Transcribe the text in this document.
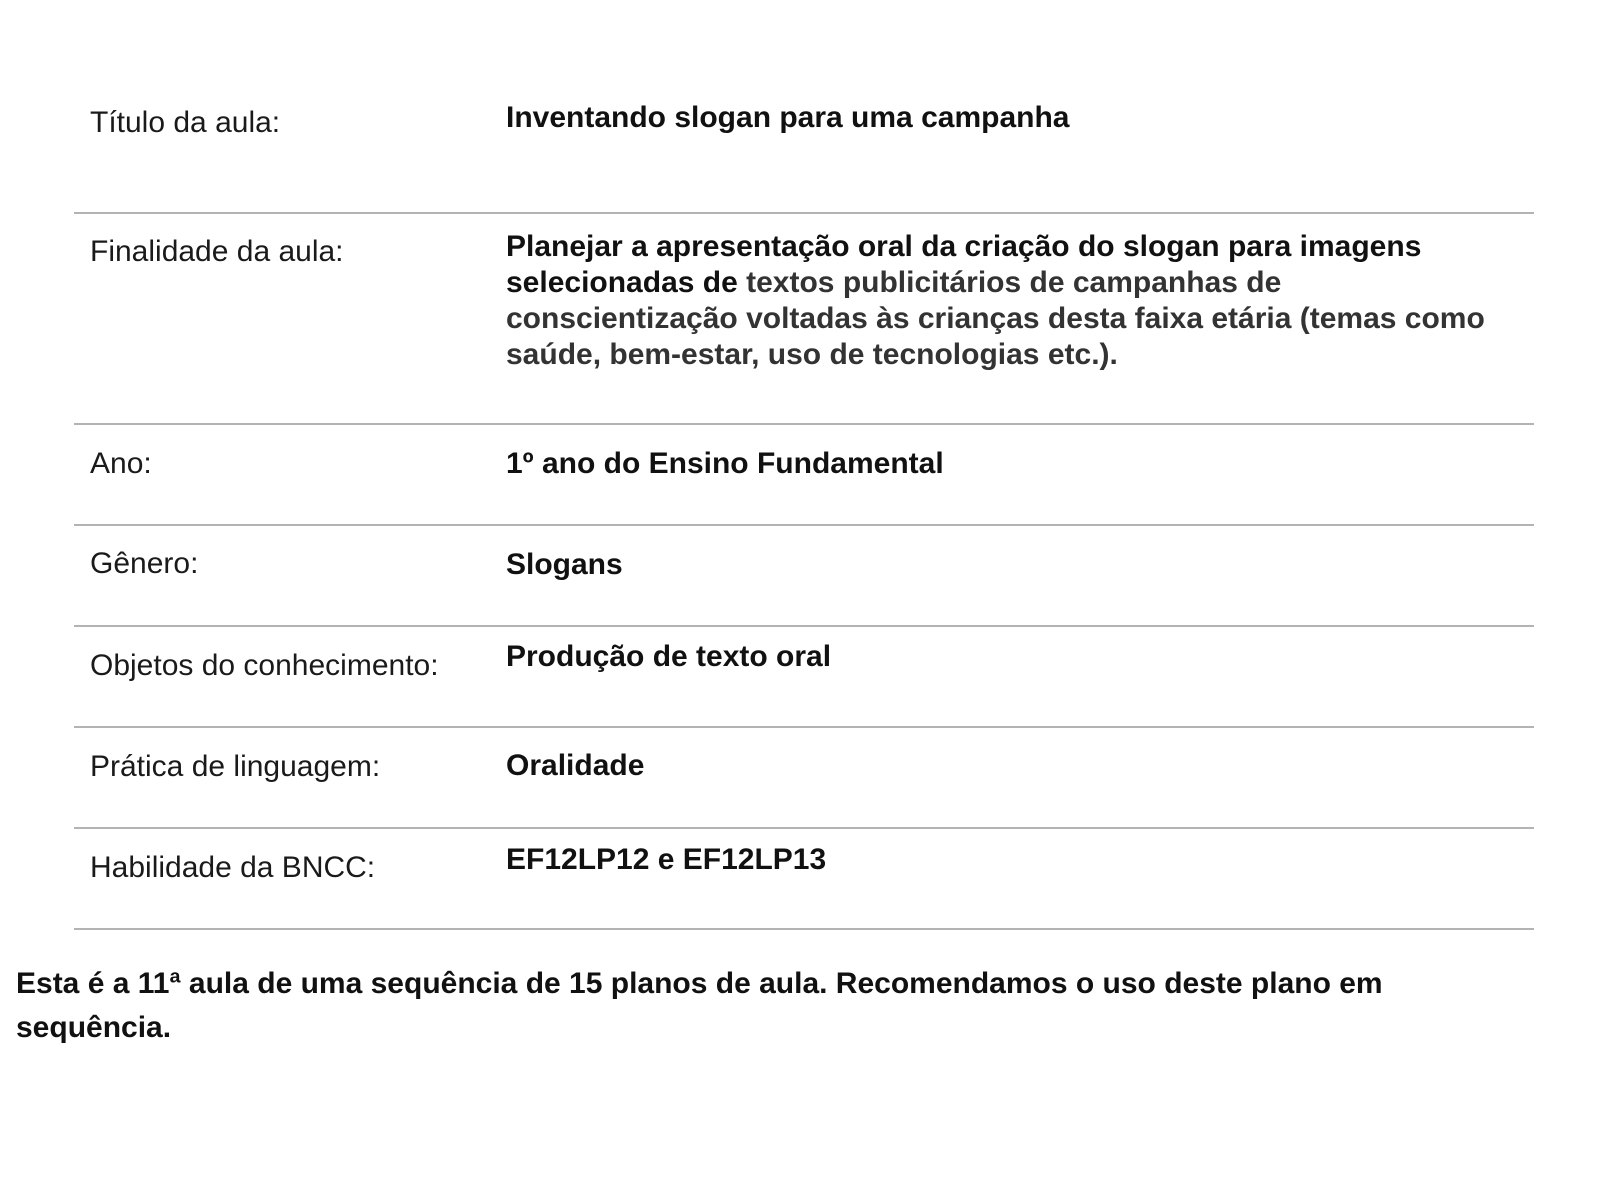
Título da aula:	Inventando slogan para uma campanha
Finalidade da aula:	Planejar a apresentação oral da criação do slogan para imagens selecionadas de textos publicitários de campanhas de conscientização voltadas às crianças desta faixa etária (temas como saúde, bem-estar, uso de tecnologias etc.).
Ano:	1º ano do Ensino Fundamental
Gênero:	Slogans
Objetos do conhecimento: Produção de texto oral
Prática de linguagem:	Oralidade
Habilidade da BNCC:	EF12LP12 e EF12LP13
Esta é a 11ª aula de uma sequência de 15 planos de aula. Recomendamos o uso deste plano em sequência.
